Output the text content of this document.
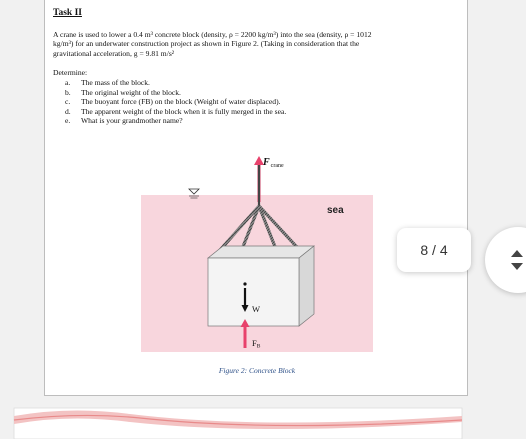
Task II

A crane is used to lower a 0.4 m³ concrete block (density, ρ = 2200 kg/m³) into the sea (density, ρ = 1012

kg/m³) for an underwater construction project as shown in Figure 2. (Taking in consideration that the

gravitational acceleration, g = 9.81 m/s²

Determine:
a. The mass of the block.
b. The original weight of the block.
c. The buoyant force (FB) on the block (Weight of water displaced).
d. The apparent weight of the block when it is fully merged in the sea.
e. What is your grandmother name?
$F_{crane}$
sea
W
FB
Figure 2: Concrete Block
8 / 4
